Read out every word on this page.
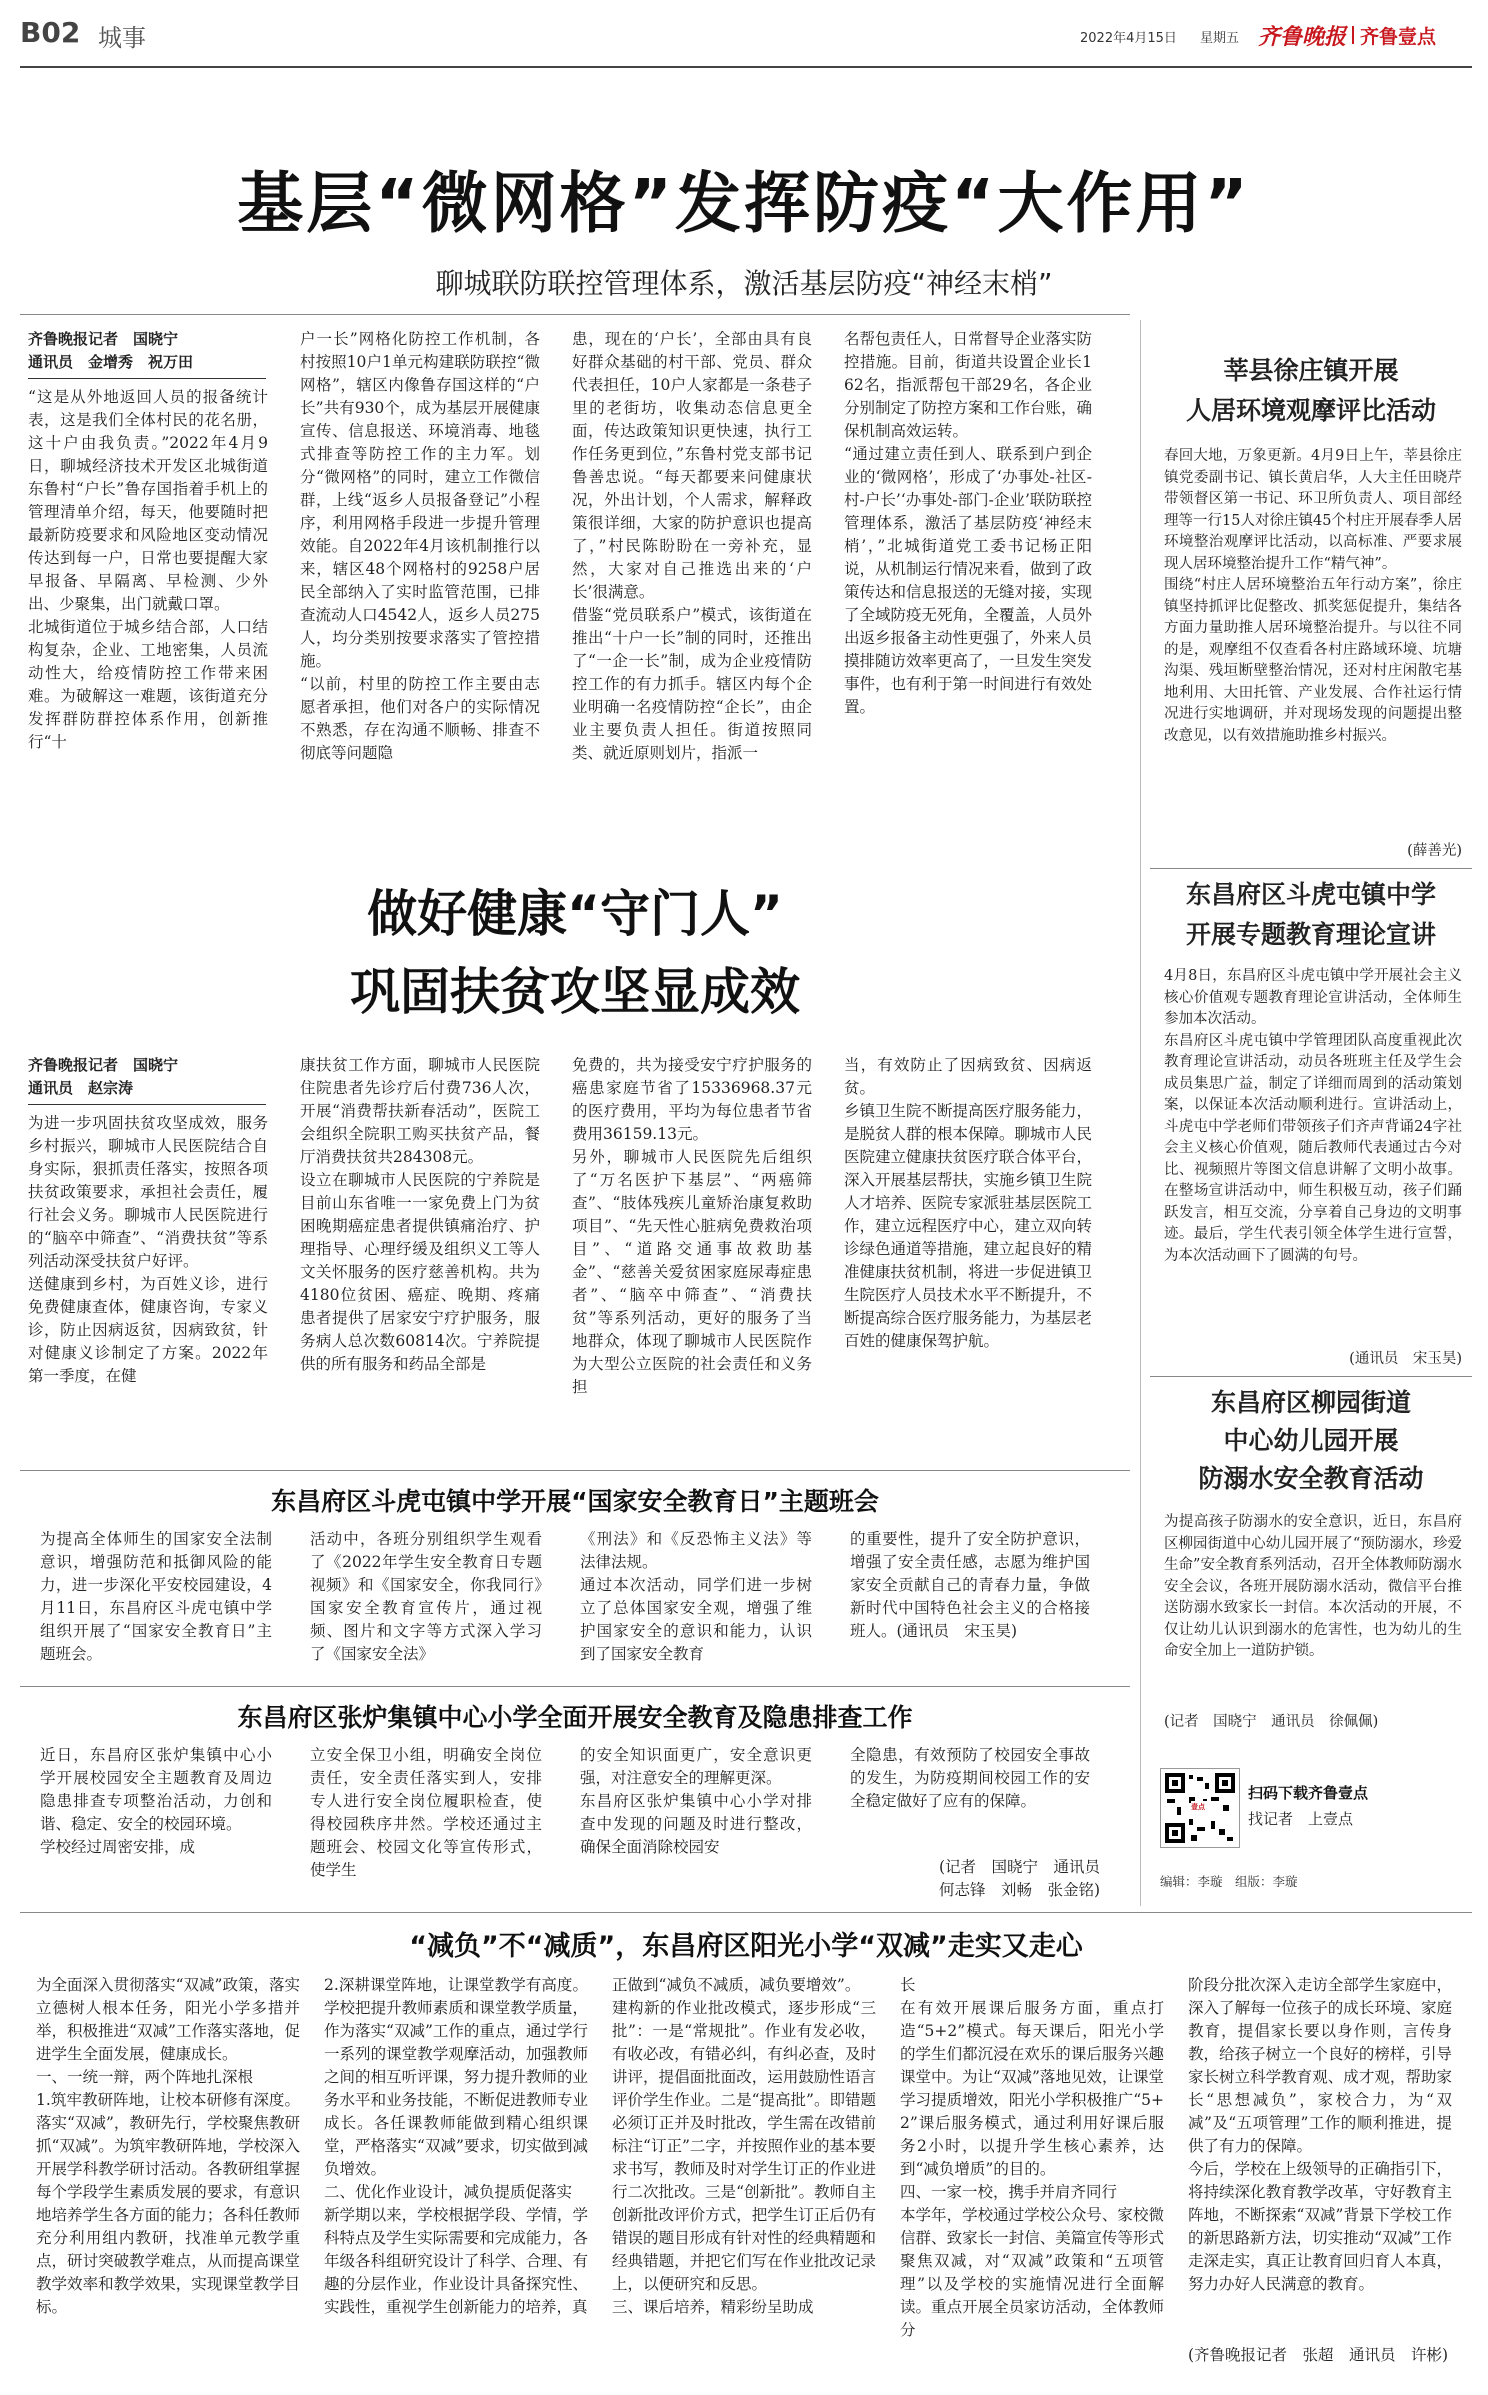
B02 城事	2022年4月15日 星期五 齐鲁晚报 齐鲁壹点
基层“微网格”发挥防疫“大作用”
聊城联防联控管理体系，激活基层防疫“神经末梢”
齐鲁晚报记者　国晓宁
通讯员　金增秀　祝万田
“这是从外地返回人员的报备统计表，这是我们全体村民的花名册，这十户由我负责。”2022年4月9日，聊城经济技术开发区北城街道东鲁村“户长”鲁存国指着手机上的管理清单介绍，每天，他要随时把最新防疫要求和风险地区变动情况传达到每一户，日常也要提醒大家早报备、早隔离、早检测、少外出、少聚集，出门就戴口罩。
北城街道位于城乡结合部，人口结构复杂，企业、工地密集，人员流动性大，给疫情防控工作带来困难。为破解这一难题，该街道充分发挥群防群控体系作用，创新推行“十
户一长”网格化防控工作机制，各村按照10户1单元构建联防联控“微网格”，辖区内像鲁存国这样的“户长”共有930个，成为基层开展健康宣传、信息报送、环境消毒、地毯式排查等防控工作的主力军。划分“微网格”的同时，建立工作微信群，上线“返乡人员报备登记”小程序，利用网格手段进一步提升管理效能。自2022年4月该机制推行以来，辖区48个网格村的9258户居民全部纳入了实时监管范围，已排查流动人口4542人，返乡人员275人，均分类别按要求落实了管控措施。
“以前，村里的防控工作主要由志愿者承担，他们对各户的实际情况不熟悉，存在沟通不顺畅、排查不彻底等问题隐
患，现在的‘户长’，全部由具有良好群众基础的村干部、党员、群众代表担任，10户人家都是一条巷子里的老街坊，收集动态信息更全面，传达政策知识更快速，执行工作任务更到位，”东鲁村党支部书记鲁善忠说。“每天都要来问健康状况，外出计划，个人需求，解释政策很详细，大家的防护意识也提高了，”村民陈盼盼在一旁补充，显然，大家对自己推选出来的‘户长’很满意。
借鉴“党员联系户”模式，该街道在推出“十户一长”制的同时，还推出了“一企一长”制，成为企业疫情防控工作的有力抓手。辖区内每个企业明确一名疫情防控“企长”，由企业主要负责人担任。街道按照同类、就近原则划片，指派一
名帮包责任人，日常督导企业落实防控措施。目前，街道共设置企业长162名，指派帮包干部29名，各企业分别制定了防控方案和工作台账，确保机制高效运转。
“通过建立责任到人、联系到户到企业的‘微网格’，形成了‘办事处-社区-村-户长’‘办事处-部门-企业’联防联控管理体系，激活了基层防疫‘神经末梢’，”北城街道党工委书记杨正阳说，从机制运行情况来看，做到了政策传达和信息报送的无缝对接，实现了全域防疫无死角，全覆盖，人员外出返乡报备主动性更强了，外来人员摸排随访效率更高了，一旦发生突发事件，也有利于第一时间进行有效处置。
做好健康“守门人”
巩固扶贫攻坚显成效
齐鲁晚报记者　国晓宁
通讯员　赵宗涛
为进一步巩固扶贫攻坚成效，服务乡村振兴，聊城市人民医院结合自身实际，狠抓责任落实，按照各项扶贫政策要求，承担社会责任，履行社会义务。聊城市人民医院进行的“脑卒中筛查”、“消费扶贫”等系列活动深受扶贫户好评。
送健康到乡村，为百姓义诊，进行免费健康查体，健康咨询，专家义诊，防止因病返贫，因病致贫，针对健康义诊制定了方案。2022年第一季度，在健
康扶贫工作方面，聊城市人民医院住院患者先诊疗后付费736人次，开展“消费帮扶新春活动”，医院工会组织全院职工购买扶贫产品，餐厅消费扶贫共284308元。
设立在聊城市人民医院的宁养院是目前山东省唯一一家免费上门为贫困晚期癌症患者提供镇痛治疗、护理指导、心理纾缓及组织义工等人文关怀服务的医疗慈善机构。共为4180位贫困、癌症、晚期、疼痛患者提供了居家安宁疗护服务，服务病人总次数60814次。宁养院提供的所有服务和药品全部是
免费的，共为接受安宁疗护服务的癌患家庭节省了15336968.37元的医疗费用，平均为每位患者节省费用36159.13元。
另外，聊城市人民医院先后组织了“万名医护下基层”、“两癌筛查”、“肢体残疾儿童矫治康复救助项目”、“先天性心脏病免费救治项目”、“道路交通事故救助基金”、“慈善关爱贫困家庭尿毒症患者”、“脑卒中筛查”、“消费扶贫”等系列活动，更好的服务了当地群众，体现了聊城市人民医院作为大型公立医院的社会责任和义务担
当，有效防止了因病致贫、因病返贫。
乡镇卫生院不断提高医疗服务能力，是脱贫人群的根本保障。聊城市人民医院建立健康扶贫医疗联合体平台，深入开展基层帮扶，实施乡镇卫生院人才培养、医院专家派驻基层医院工作，建立远程医疗中心，建立双向转诊绿色通道等措施，建立起良好的精准健康扶贫机制，将进一步促进镇卫生院医疗人员技术水平不断提升，不断提高综合医疗服务能力，为基层老百姓的健康保驾护航。
东昌府区斗虎屯镇中学开展“国家安全教育日”主题班会
为提高全体师生的国家安全法制意识，增强防范和抵御风险的能力，进一步深化平安校园建设，4月11日，东昌府区斗虎屯镇中学组织开展了“国家安全教育日”主题班会。
活动中，各班分别组织学生观看了《2022年学生安全教育日专题视频》和《国家安全，你我同行》国家安全教育宣传片，通过视频、图片和文字等方式深入学习了《国家安全法》
《刑法》和《反恐怖主义法》等法律法规。
通过本次活动，同学们进一步树立了总体国家安全观，增强了维护国家安全的意识和能力，认识到了国家安全教育
的重要性，提升了安全防护意识，增强了安全责任感，志愿为维护国家安全贡献自己的青春力量，争做新时代中国特色社会主义的合格接班人。(通讯员　宋玉昊)
东昌府区张炉集镇中心小学全面开展安全教育及隐患排查工作
近日，东昌府区张炉集镇中心小学开展校园安全主题教育及周边隐患排查专项整治活动，力创和谐、稳定、安全的校园环境。
学校经过周密安排，成
立安全保卫小组，明确安全岗位责任，安全责任落实到人，安排专人进行安全岗位履职检查，使得校园秩序井然。学校还通过主题班会、校园文化等宣传形式，使学生
的安全知识面更广，安全意识更强，对注意安全的理解更深。
东昌府区张炉集镇中心小学对排查中发现的问题及时进行整改，确保全面消除校园安
全隐患，有效预防了校园安全事故的发生，为防疫期间校园工作的安全稳定做好了应有的保障。
(记者　国晓宁　通讯员
何志锋　刘畅　张金铭)
“减负”不“减质”，东昌府区阳光小学“双减”走实又走心
为全面深入贯彻落实“双减”政策，落实立德树人根本任务，阳光小学多措并举，积极推进“双减”工作落实落地，促进学生全面发展，健康成长。
一、一统一辩，两个阵地扎深根
1.筑牢教研阵地，让校本研修有深度。落实“双减”，教研先行，学校聚焦教研抓“双减”。为筑牢教研阵地，学校深入开展学科教学研讨活动。各教研组掌握每个学段学生素质发展的要求，有意识地培养学生各方面的能力；各科任教师充分利用组内教研，找准单元教学重点，研讨突破教学难点，从而提高课堂教学效率和教学效果，实现课堂教学目标。
2.深耕课堂阵地，让课堂教学有高度。学校把提升教师素质和课堂教学质量，作为落实“双减”工作的重点，通过学行一系列的课堂教学观摩活动，加强教师之间的相互听评课，努力提升教师的业务水平和业务技能，不断促进教师专业成长。各任课教师能做到精心组织课堂，严格落实“双减”要求，切实做到减负增效。
二、优化作业设计，减负提质促落实
新学期以来，学校根据学段、学情，学科特点及学生实际需要和完成能力，各年级各科组研究设计了科学、合理、有趣的分层作业，作业设计具备探究性、实践性，重视学生创新能力的培养，真
正做到“减负不减质，减负要增效”。
建构新的作业批改模式，逐步形成“三批”：一是“常规批”。作业有发必收，有收必改，有错必纠，有纠必查，及时讲评，提倡面批面改，运用鼓励性语言评价学生作业。二是“提高批”。即错题必须订正并及时批改，学生需在改错前标注“订正”二字，并按照作业的基本要求书写，教师及时对学生订正的作业进行二次批改。三是“创新批”。教师自主创新批改评价方式，把学生订正后仍有错误的题目形成有针对性的经典精题和经典错题，并把它们写在作业批改记录上，以便研究和反思。
三、课后培养，精彩纷呈助成
长
在有效开展课后服务方面，重点打造“5+2”模式。每天课后，阳光小学的学生们都沉浸在欢乐的课后服务兴趣课堂中。为让“双减”落地见效，让课堂学习提质增效，阳光小学积极推广“5+2”课后服务模式，通过利用好课后服务2小时，以提升学生核心素养，达到“减负增质”的目的。
四、一家一校，携手并肩齐同行
本学年，学校通过学校公众号、家校微信群、致家长一封信、美篇宣传等形式聚焦双减，对“双减”政策和“五项管理”以及学校的实施情况进行全面解读。重点开展全员家访活动，全体教师分
阶段分批次深入走访全部学生家庭中，深入了解每一位孩子的成长环境、家庭教育，提倡家长要以身作则，言传身教，给孩子树立一个良好的榜样，引导家长树立科学教育观、成才观，帮助家长“思想减负”，家校合力，为“双减”及“五项管理”工作的顺利推进，提供了有力的保障。
今后，学校在上级领导的正确指引下，将持续深化教育教学改革，守好教育主阵地，不断探索“双减”背景下学校工作的新思路新方法，切实推动“双减”工作走深走实，真正让教育回归育人本真，努力办好人民满意的教育。
(齐鲁晚报记者　张超　通讯员　许彬)
莘县徐庄镇开展
人居环境观摩评比活动
春回大地，万象更新。4月9日上午，莘县徐庄镇党委副书记、镇长黄启华，人大主任田晓芹带领督区第一书记、环卫所负责人、项目部经理等一行15人对徐庄镇45个村庄开展春季人居环境整治观摩评比活动，以高标准、严要求展现人居环境整治提升工作“精气神”。
围绕“村庄人居环境整治五年行动方案”，徐庄镇坚持抓评比促整改、抓奖惩促提升，集结各方面力量助推人居环境整治提升。与以往不同的是，观摩组不仅查看各村庄路域环境、坑塘沟渠、残垣断壁整治情况，还对村庄闲散宅基地利用、大田托管、产业发展、合作社运行情况进行实地调研，并对现场发现的问题提出整改意见，以有效措施助推乡村振兴。
(薛善光)
东昌府区斗虎屯镇中学
开展专题教育理论宣讲
4月8日，东昌府区斗虎屯镇中学开展社会主义核心价值观专题教育理论宣讲活动，全体师生参加本次活动。
东昌府区斗虎屯镇中学管理团队高度重视此次教育理论宣讲活动，动员各班班主任及学生会成员集思广益，制定了详细而周到的活动策划案，以保证本次活动顺利进行。宣讲活动上，斗虎屯中学老师们带领孩子们齐声背诵24字社会主义核心价值观，随后教师代表通过古今对比、视频照片等图文信息讲解了文明小故事。在整场宣讲活动中，师生积极互动，孩子们踊跃发言，相互交流，分享着自己身边的文明事迹。最后，学生代表引领全体学生进行宣誓，为本次活动画下了圆满的句号。
(通讯员　宋玉昊)
东昌府区柳园街道
中心幼儿园开展
防溺水安全教育活动
为提高孩子防溺水的安全意识，近日，东昌府区柳园街道中心幼儿园开展了“预防溺水，珍爱生命”安全教育系列活动，召开全体教师防溺水安全会议，各班开展防溺水活动，微信平台推送防溺水致家长一封信。本次活动的开展，不仅让幼儿认识到溺水的危害性，也为幼儿的生命安全加上一道防护锁。
(记者　国晓宁　通讯员　徐佩佩)
壹点
扫码下载齐鲁壹点
找记者　上壹点
编辑：李璇　组版：李璇
